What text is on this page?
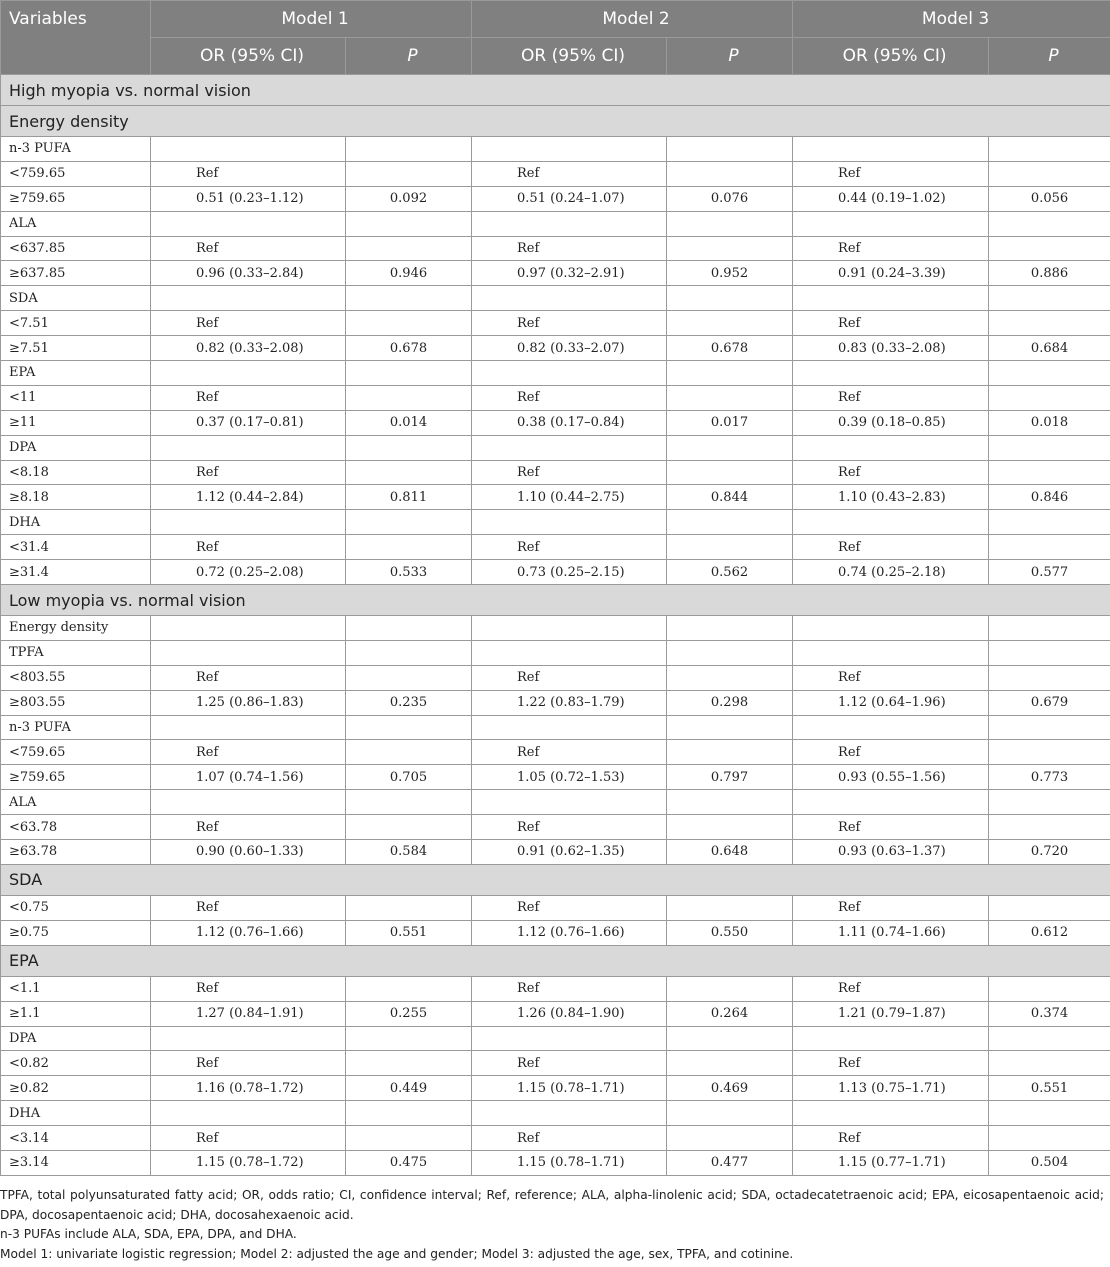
Variables	Model 1		Model 2		Model 3	
	OR (95% CI)	P	OR (95% CI)	P	OR (95% CI)	P
High myopia vs. normal vision						
Energy density						
n-3 PUFA						
<759.65	Ref		Ref		Ref	
≥759.65	0.51 (0.23–1.12)	0.092	0.51 (0.24–1.07)	0.076	0.44 (0.19–1.02)	0.056
ALA						
<637.85	Ref		Ref		Ref	
≥637.85	0.96 (0.33–2.84)	0.946	0.97 (0.32–2.91)	0.952	0.91 (0.24–3.39)	0.886
SDA						
<7.51	Ref		Ref		Ref	
≥7.51	0.82 (0.33–2.08)	0.678	0.82 (0.33–2.07)	0.678	0.83 (0.33–2.08)	0.684
EPA						
<11	Ref		Ref		Ref	
≥11	0.37 (0.17–0.81)	0.014	0.38 (0.17–0.84)	0.017	0.39 (0.18–0.85)	0.018
DPA						
<8.18	Ref		Ref		Ref	
≥8.18	1.12 (0.44–2.84)	0.811	1.10 (0.44–2.75)	0.844	1.10 (0.43–2.83)	0.846
DHA						
<31.4	Ref		Ref		Ref	
≥31.4	0.72 (0.25–2.08)	0.533	0.73 (0.25–2.15)	0.562	0.74 (0.25–2.18)	0.577
Low myopia vs. normal vision						
Energy density						
TPFA						
<803.55	Ref		Ref		Ref	
≥803.55	1.25 (0.86–1.83)	0.235	1.22 (0.83–1.79)	0.298	1.12 (0.64–1.96)	0.679
n-3 PUFA						
<759.65	Ref		Ref		Ref	
≥759.65	1.07 (0.74–1.56)	0.705	1.05 (0.72–1.53)	0.797	0.93 (0.55–1.56)	0.773
ALA						
<63.78	Ref		Ref		Ref	
≥63.78	0.90 (0.60–1.33)	0.584	0.91 (0.62–1.35)	0.648	0.93 (0.63–1.37)	0.720
SDA						
<0.75	Ref		Ref		Ref	
≥0.75	1.12 (0.76–1.66)	0.551	1.12 (0.76–1.66)	0.550	1.11 (0.74–1.66)	0.612
EPA						
<1.1	Ref		Ref		Ref	
≥1.1	1.27 (0.84–1.91)	0.255	1.26 (0.84–1.90)	0.264	1.21 (0.79–1.87)	0.374
DPA						
<0.82	Ref		Ref		Ref	
≥0.82	1.16 (0.78–1.72)	0.449	1.15 (0.78–1.71)	0.469	1.13 (0.75–1.71)	0.551
DHA						
<3.14	Ref		Ref		Ref	
≥3.14	1.15 (0.78–1.72)	0.475	1.15 (0.78–1.71)	0.477	1.15 (0.77–1.71)	0.504

TPFA, total polyunsaturated fatty acid; OR, odds ratio; CI, confidence interval; Ref, reference; ALA, alpha-linolenic acid; SDA, octadecatetraenoic acid; EPA, eicosapentaenoic acid; DPA, docosapentaenoic acid; DHA, docosahexaenoic acid.

n-3 PUFAs include ALA, SDA, EPA, DPA, and DHA.

Model 1: univariate logistic regression; Model 2: adjusted the age and gender; Model 3: adjusted the age, sex, TPFA, and cotinine.
